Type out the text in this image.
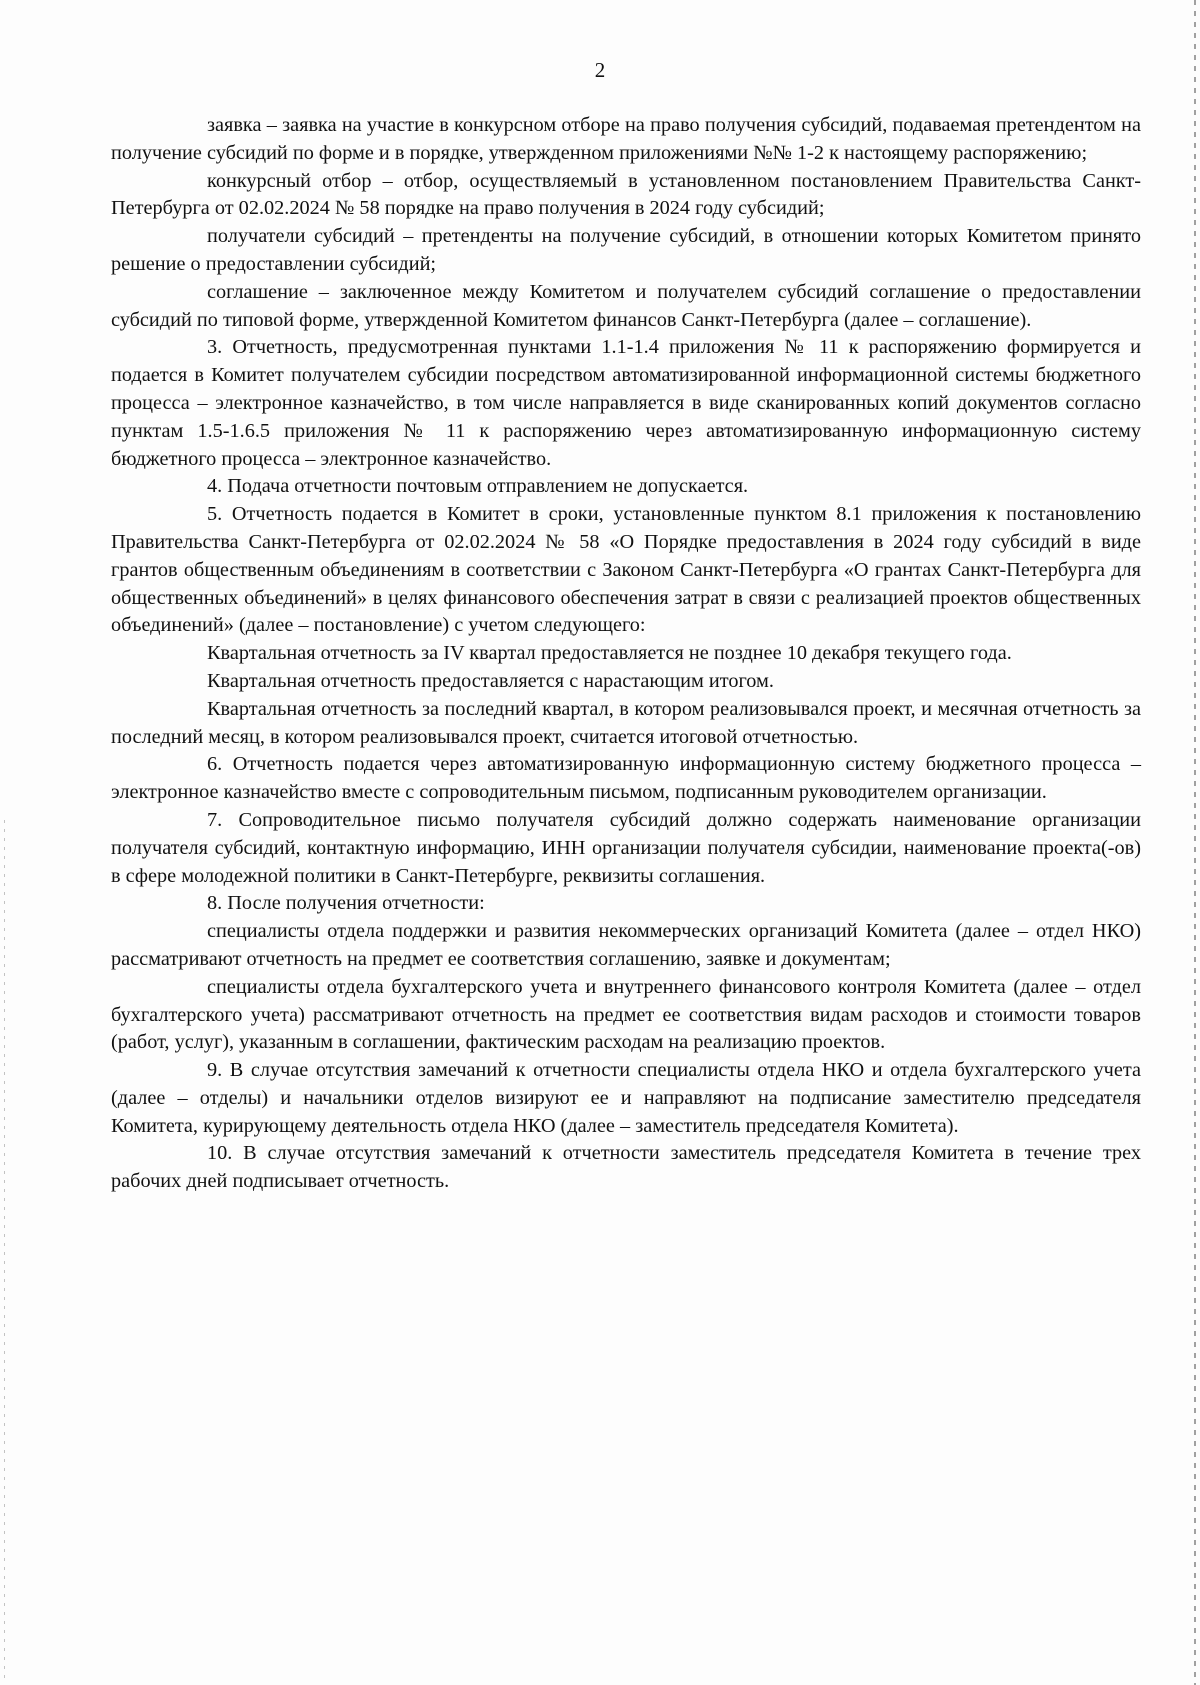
2

заявка – заявка на участие в конкурсном отборе на право получения субсидий, подаваемая претендентом на получение субсидий по форме и в порядке, утвержденном приложениями №№ 1-2 к настоящему распоряжению;

конкурсный отбор – отбор, осуществляемый в установленном постановлением Правительства Санкт-Петербурга от 02.02.2024 № 58 порядке на право получения в 2024 году субсидий;

получатели субсидий – претенденты на получение субсидий, в отношении которых Комитетом принято решение о предоставлении субсидий;

соглашение – заключенное между Комитетом и получателем субсидий соглашение о предоставлении субсидий по типовой форме, утвержденной Комитетом финансов Санкт-Петербурга (далее – соглашение).

3. Отчетность, предусмотренная пунктами 1.1-1.4 приложения № 11 к распоряжению формируется и подается в Комитет получателем субсидии посредством автоматизированной информационной системы бюджетного процесса – электронное казначейство, в том числе направляется в виде сканированных копий документов согласно пунктам 1.5-1.6.5 приложения № 11 к распоряжению через автоматизированную информационную систему бюджетного процесса – электронное казначейство.

4. Подача отчетности почтовым отправлением не допускается.

5. Отчетность подается в Комитет в сроки, установленные пунктом 8.1 приложения к постановлению Правительства Санкт-Петербурга от 02.02.2024 № 58 «О Порядке предоставления в 2024 году субсидий в виде грантов общественным объединениям в соответствии с Законом Санкт-Петербурга «О грантах Санкт-Петербурга для общественных объединений» в целях финансового обеспечения затрат в связи с реализацией проектов общественных объединений» (далее – постановление) с учетом следующего:

Квартальная отчетность за IV квартал предоставляется не позднее 10 декабря текущего года.

Квартальная отчетность предоставляется с нарастающим итогом.

Квартальная отчетность за последний квартал, в котором реализовывался проект, и месячная отчетность за последний месяц, в котором реализовывался проект, считается итоговой отчетностью.

6. Отчетность подается через автоматизированную информационную систему бюджетного процесса – электронное казначейство вместе с сопроводительным письмом, подписанным руководителем организации.

7. Сопроводительное письмо получателя субсидий должно содержать наименование организации получателя субсидий, контактную информацию, ИНН организации получателя субсидии, наименование проекта(-ов) в сфере молодежной политики в Санкт-Петербурге, реквизиты соглашения.

8. После получения отчетности:

специалисты отдела поддержки и развития некоммерческих организаций Комитета (далее – отдел НКО) рассматривают отчетность на предмет ее соответствия соглашению, заявке и документам;

специалисты отдела бухгалтерского учета и внутреннего финансового контроля Комитета (далее – отдел бухгалтерского учета) рассматривают отчетность на предмет ее соответствия видам расходов и стоимости товаров (работ, услуг), указанным в соглашении, фактическим расходам на реализацию проектов.

9. В случае отсутствия замечаний к отчетности специалисты отдела НКО и отдела бухгалтерского учета (далее – отделы) и начальники отделов визируют ее и направляют на подписание заместителю председателя Комитета, курирующему деятельность отдела НКО (далее – заместитель председателя Комитета).

10. В случае отсутствия замечаний к отчетности заместитель председателя Комитета в течение трех рабочих дней подписывает отчетность.
